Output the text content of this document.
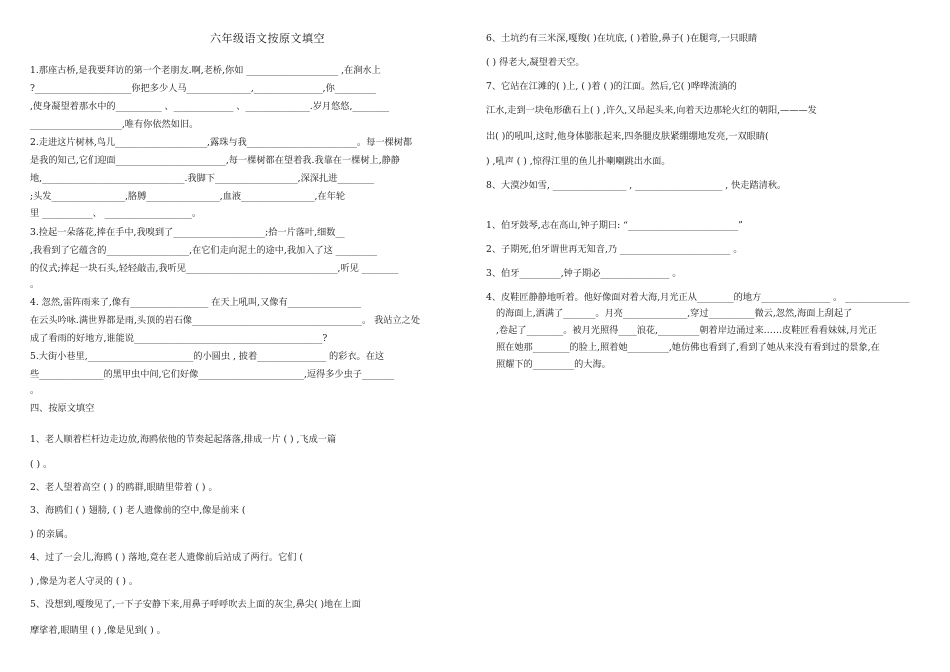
六年级语文按原文填空
1.那座古桥,是我要拜访的第一个老朋友.啊,老桥,你如 ____________________ ,在涧水上
?_____________________你把多少人马______________,_______________,你_________
,使身凝望着那水中的__________ 、_____________ 、______________.岁月悠悠,________
____________________,唯有你依然如旧。
2.走进这片树林,鸟儿____________________,露珠与我________________________。每一棵树都
是我的知己,它们迎面________________________,每一棵树都在望着我.我靠在一棵树上,静静
地,_______________________________.我脚下__________________,深深扎进________
;头发________________,胳膊________________,血液________________,在年轮
里 ___________、 ___________________。
3.捡起一朵落花,捧在手中,我嗅到了____________________;拾一片落叶,细数__
,我看到了它蕴含的__________________,在它们走向泥土的途中,我加入了这 _________
的仪式;捧起一块石头,轻轻敲击,我听见_________________________________,听见 ________
。
4. 忽然,雷阵雨来了,像有_________________ 在天上吼叫,又像有________________
在云头吟咏.满世界都是雨,头顶的岩石像_____________________________________。 我站立之处
成了看雨的好地方,谁能说_________________________________________?
5.大街小巷里,_______________________的小圆虫 , 披着_______________ 的彩衣。在这
些______________的黑甲虫中间,它们好像_______________________,逗得多少虫子_______
。
四、按原文填空
1、老人顺着栏杆边走边放,海鸥依他的节奏起起落落,排成一片 ( ) ,飞成一篇
( ) 。
2、老人望着高空 ( ) 的鸥群,眼睛里带着 ( ) 。
3、海鸥们 ( ) 翅膀, ( ) 老人遗像前的空中,像是前来 (
) 的亲属。
4、过了一会儿,海鸥 ( ) 落地,竟在老人遗像前后站成了两行。它们 (
) ,像是为老人守灵的 ( ) 。
5、没想到,嘎羧见了,一下子安静下来,用鼻子呼呼吹去上面的灰尘,鼻尖( )地在上面
摩挲着,眼睛里 ( ) ,像是见到( ) 。
6、土坑约有三米深,嘎羧( )在坑底, ( )着脸,鼻子( )在腿弯,一只眼睛
( ) 得老大,凝望着天空。
7、它站在江滩的( )上, ( )着 ( )的江面。然后,它( )哗哗流淌的
江水,走到一块龟形礁石上( ) ,许久,又昂起头来,向着天边那轮火红的朝阳,———发
出( )的吼叫,这时,他身体膨胀起来,四条腿皮肤紧绷绷地发亮,一双眼睛(
) ,吼声 ( ) ,惊得江里的鱼儿扑喇喇跳出水面。
8、大漠沙如雪, ________________ , ___________________ , 快走踏清秋。
1、伯牙鼓琴,志在高山,钟子期曰: “________________________”
2、子期死,伯牙谓世再无知音,乃 ________________________ 。
3、伯牙_________,钟子期必_______________ 。
4、皮鞋匠静静地听着。他好像面对着大海,月光正从________的地方_______________ 。 ______________
的海面上,洒满了_______。月亮______________,穿过__________微云,忽然,海面上刮起了
,卷起了________。被月光照得____浪花,_________朝着岸边涌过来……皮鞋匠看看妹妹,月光正
照在她那________的脸上,照着她_________,她仿佛也看到了,看到了她从来没有看到过的景象,在
照耀下的_________的大海。
